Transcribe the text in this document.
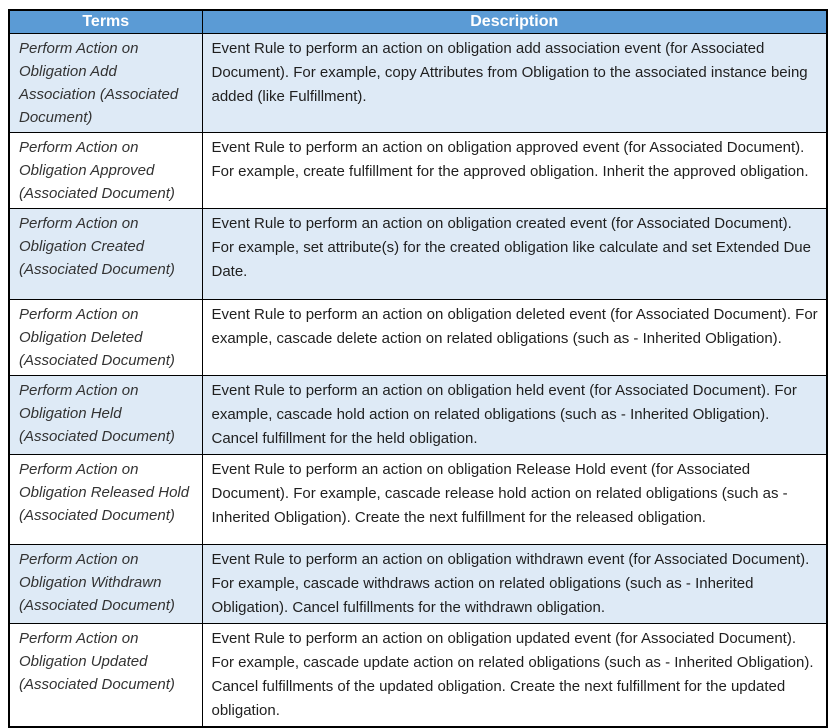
Terms	Description
Perform Action on Obligation Add Association (Associated Document)	Event Rule to perform an action on obligation add association event (for Associated Document). For example, copy Attributes from Obligation to the associated instance being added (like Fulfillment).
Perform Action on Obligation Approved (Associated Document)	Event Rule to perform an action on obligation approved event (for Associated Document). For example, create fulfillment for the approved obligation. Inherit the approved obligation.
Perform Action on Obligation Created (Associated Document)	Event Rule to perform an action on obligation created event (for Associated Document). For example, set attribute(s) for the created obligation like calculate and set Extended Due Date.
Perform Action on Obligation Deleted (Associated Document)	Event Rule to perform an action on obligation deleted event (for Associated Document). For example, cascade delete action on related obligations (such as - Inherited Obligation).
Perform Action on Obligation Held (Associated Document)	Event Rule to perform an action on obligation held event (for Associated Document). For example, cascade hold action on related obligations (such as - Inherited Obligation). Cancel fulfillment for the held obligation.
Perform Action on Obligation Released Hold (Associated Document)	Event Rule to perform an action on obligation Release Hold event (for Associated Document). For example, cascade release hold action on related obligations (such as - Inherited Obligation). Create the next fulfillment for the released obligation.
Perform Action on Obligation Withdrawn (Associated Document)	Event Rule to perform an action on obligation withdrawn event (for Associated Document). For example, cascade withdraws action on related obligations (such as - Inherited Obligation). Cancel fulfillments for the withdrawn obligation.
Perform Action on Obligation Updated (Associated Document)	Event Rule to perform an action on obligation updated event (for Associated Document). For example, cascade update action on related obligations (such as - Inherited Obligation). Cancel fulfillments of the updated obligation. Create the next fulfillment for the updated obligation.
